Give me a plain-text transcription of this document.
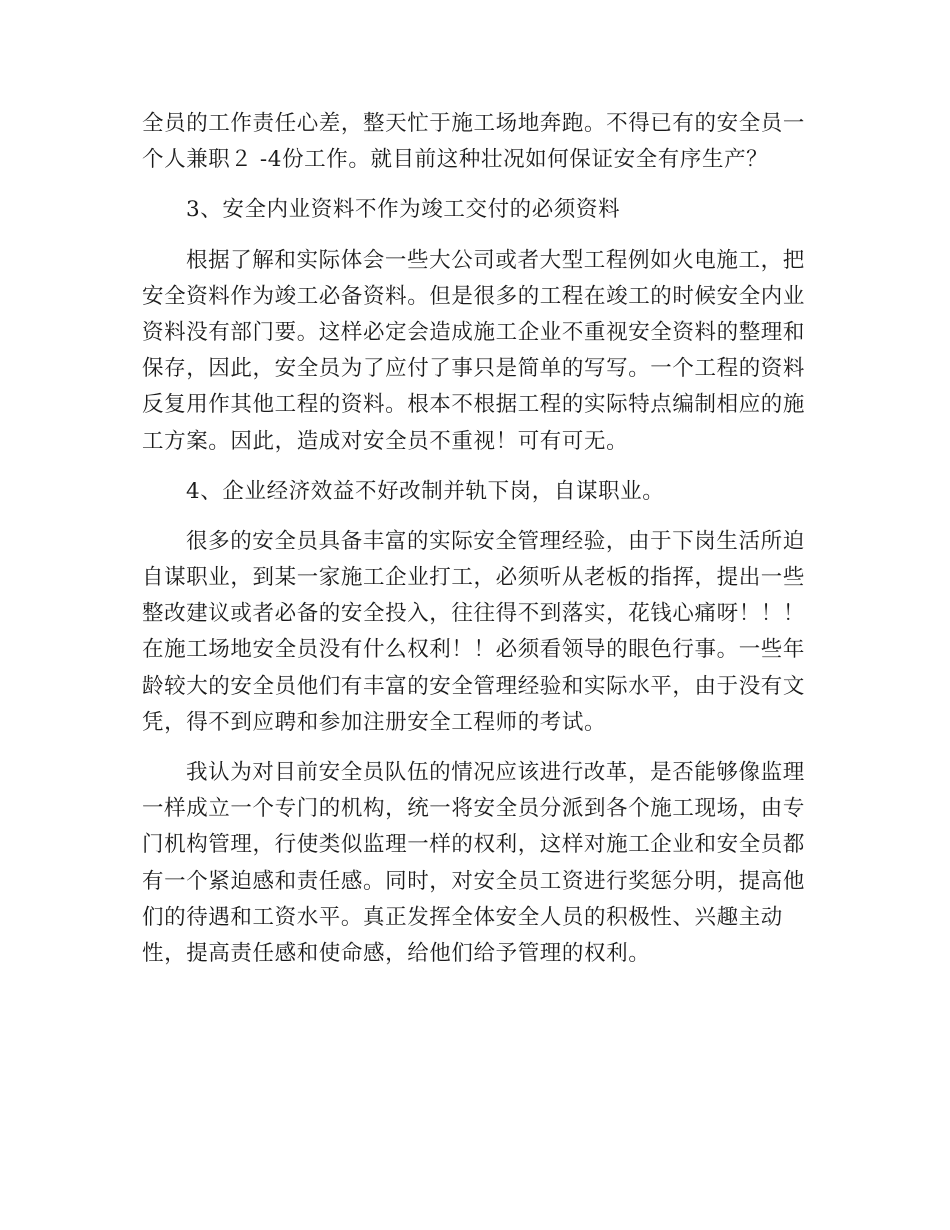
全员的工作责任心差，整天忙于施工场地奔跑。不得已有的安全员一
个人兼职２ -4份工作。就目前这种壮况如何保证安全有序生产？
3、安全内业资料不作为竣工交付的必须资料
根据了解和实际体会一些大公司或者大型工程例如火电施工，把
安全资料作为竣工必备资料。但是很多的工程在竣工的时候安全内业
资料没有部门要。这样必定会造成施工企业不重视安全资料的整理和
保存，因此，安全员为了应付了事只是简单的写写。一个工程的资料
反复用作其他工程的资料。根本不根据工程的实际特点编制相应的施
工方案。因此，造成对安全员不重视！可有可无。
4、企业经济效益不好改制并轨下岗，自谋职业。
很多的安全员具备丰富的实际安全管理经验，由于下岗生活所迫
自谋职业，到某一家施工企业打工，必须听从老板的指挥，提出一些
整改建议或者必备的安全投入，往往得不到落实，花钱心痛呀！！！
在施工场地安全员没有什么权利！！必须看领导的眼色行事。一些年
龄较大的安全员他们有丰富的安全管理经验和实际水平，由于没有文
凭，得不到应聘和参加注册安全工程师的考试。
我认为对目前安全员队伍的情况应该进行改革，是否能够像监理
一样成立一个专门的机构，统一将安全员分派到各个施工现场，由专
门机构管理，行使类似监理一样的权利，这样对施工企业和安全员都
有一个紧迫感和责任感。同时，对安全员工资进行奖惩分明，提高他
们的待遇和工资水平。真正发挥全体安全人员的积极性、兴趣主动
性，提高责任感和使命感，给他们给予管理的权利。
